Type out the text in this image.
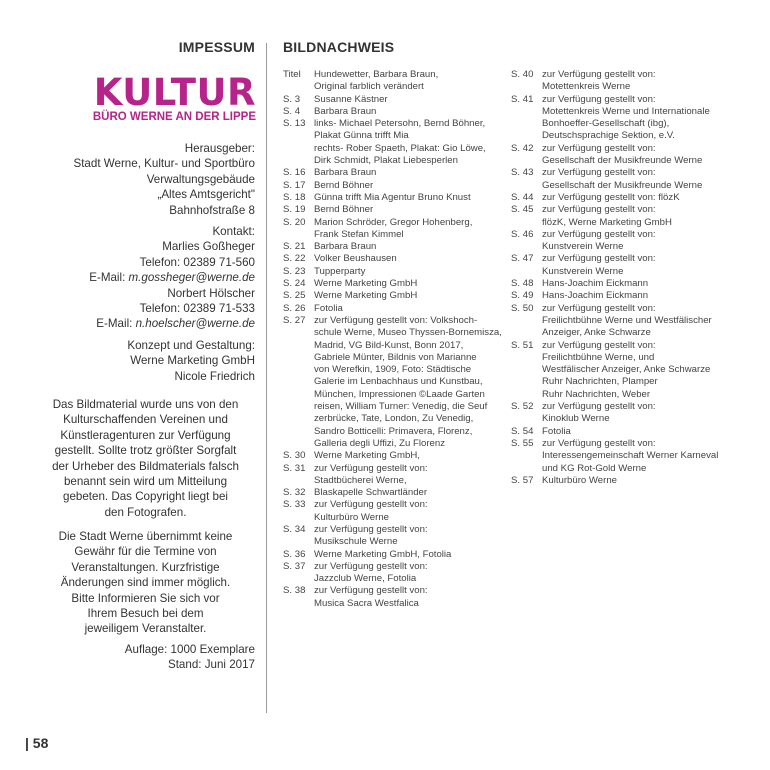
IMPESSUM BILDNACHWEIS
KULTUR
BÜRO WERNE AN DER LIPPE
Herausgeber:
Stadt Werne, Kultur- und Sportbüro
Verwaltungsgebäude
„Altes Amtsgericht"
Bahnhofstraße 8
Kontakt:
Marlies Goßheger
Telefon: 02389 71-560
E-Mail: m.gossheger@werne.de
Norbert Hölscher
Telefon: 02389 71-533
E-Mail: n.hoelscher@werne.de
Konzept und Gestaltung:
Werne Marketing GmbH
Nicole Friedrich
Das Bildmaterial wurde uns von den
Kulturschaffenden Vereinen und
Künstleragenturen zur Verfügung
gestellt. Sollte trotz größter Sorgfalt
der Urheber des Bildmaterials falsch
benannt sein wird um Mitteilung
gebeten. Das Copyright liegt bei
den Fotografen.
Die Stadt Werne übernimmt keine
Gewähr für die Termine von
Veranstaltungen. Kurzfristige
Änderungen sind immer möglich.
Bitte Informieren Sie sich vor
Ihrem Besuch bei dem
jeweiligem Veranstalter.
Auflage: 1000 Exemplare
Stand: Juni 2017
Titel	Hundewetter, Barbara Braun,
Original farblich verändert
S. 3	Susanne Kästner
S. 4	Barbara Braun
S. 13 links- Michael Petersohn, Bernd Böhner,
Plakat Günna trifft Mia
rechts- Rober Spaeth, Plakat: Gio Löwe,
Dirk Schmidt, Plakat Liebesperlen
S. 16 Barbara Braun
S. 17 Bernd Böhner
S. 18 Günna trifft Mia Agentur Bruno Knust
S. 19 Bernd Böhner
S. 20 Marion Schröder, Gregor Hohenberg,
Frank Stefan Kimmel
S. 21 Barbara Braun
S. 22 Volker Beushausen
S. 23 Tupperparty
S. 24 Werne Marketing GmbH
S. 25 Werne Marketing GmbH
S. 26 Fotolia
S. 27 zur Verfügung gestellt von: Volkshoch-
schule Werne, Museo Thyssen-Bornemisza,
Madrid, VG Bild-Kunst, Bonn 2017,
Gabriele Münter, Bildnis von Marianne
von Werefkin, 1909, Foto: Städtische
Galerie im Lenbachhaus und Kunstbau,
München, Impressionen ©Laade Garten
reisen, William Turner: Venedig, die Seuf
zerbrücke, Tate, London, Zu Venedig,
Sandro Botticelli: Primavera, Florenz,
Galleria degli Uffizi, Zu Florenz
S. 30 Werne Marketing GmbH,
S. 31 zur Verfügung gestellt von:
Stadtbücherei Werne,
S. 32 Blaskapelle Schwartländer
S. 33 zur Verfügung gestellt von:
Kulturbüro Werne
S. 34 zur Verfügung gestellt von:
Musikschule Werne
S. 36 Werne Marketing GmbH, Fotolia
S. 37 zur Verfügung gestellt von:
Jazzclub Werne, Fotolia
S. 38 zur Verfügung gestellt von:
Musica Sacra Westfalica
S. 40 zur Verfügung gestellt von:
Motettenkreis Werne
S. 41 zur Verfügung gestellt von:
Motettenkreis Werne und Internationale
Bonhoeffer-Gesellschaft (ibg),
Deutschsprachige Sektion, e.V.
S. 42 zur Verfügung gestellt von:
Gesellschaft der Musikfreunde Werne
S. 43 zur Verfügung gestellt von:
Gesellschaft der Musikfreunde Werne
S. 44 zur Verfügung gestellt von: flözK
S. 45 zur Verfügung gestellt von:
flözK, Werne Marketing GmbH
S. 46 zur Verfügung gestellt von:
Kunstverein Werne
S. 47 zur Verfügung gestellt von:
Kunstverein Werne
S. 48 Hans-Joachim Eickmann
S. 49 Hans-Joachim Eickmann
S. 50 zur Verfügung gestellt von:
Freilichtbühne Werne und Westfälischer
Anzeiger, Anke Schwarze
S. 51 zur Verfügung gestellt von:
Freilichtbühne Werne, und
Westfälischer Anzeiger, Anke Schwarze
Ruhr Nachrichten, Plamper
Ruhr Nachrichten, Weber
S. 52 zur Verfügung gestellt von:
Kinoklub Werne
S. 54 Fotolia
S. 55 zur Verfügung gestellt von:
Interessengemeinschaft Werner Karneval
und KG Rot-Gold Werne
S. 57 Kulturbüro Werne
| 58
